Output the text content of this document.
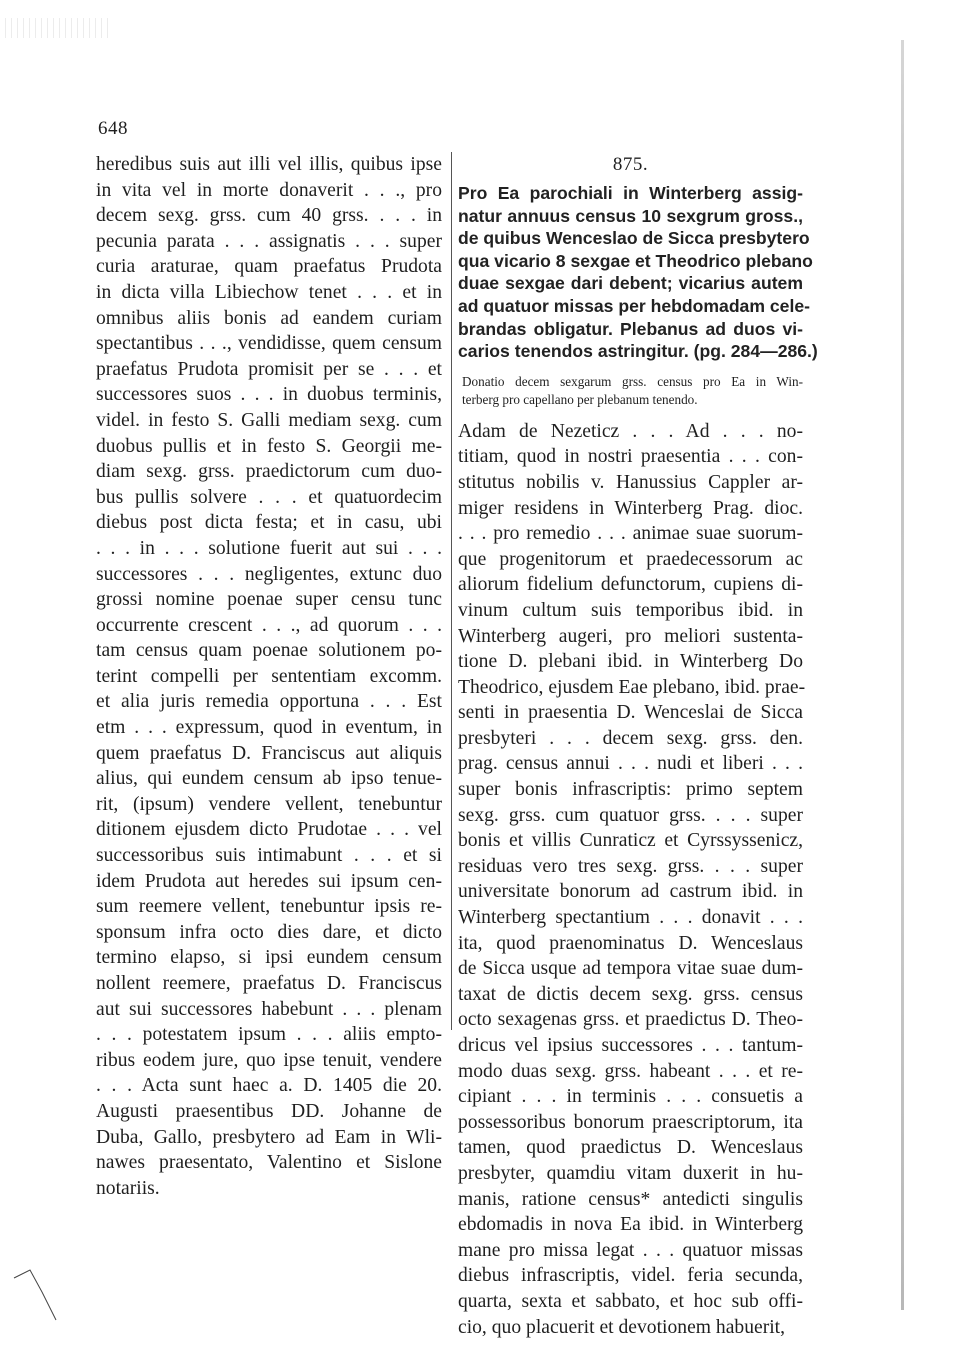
648
heredibus suis aut illi vel illis, quibus ipse
in vita vel in morte donaverit . . ., pro
decem sexg. grss. cum 40 grss. . . . in
pecunia parata . . . assignatis . . . super
curia araturae, quam praefatus Prudota
in dicta villa Libiechow tenet . . . et in
omnibus aliis bonis ad eandem curiam
spectantibus . . ., vendidisse, quem censum
praefatus Prudota promisit per se . . . et
successores suos . . . in duobus terminis,
videl. in festo S. Galli mediam sexg. cum
duobus pullis et in festo S. Georgii me-
diam sexg. grss. praedictorum cum duo-
bus pullis solvere . . . et quatuordecim
diebus post dicta festa; et in casu, ubi
. . . in . . . solutione fuerit aut sui . . .
successores . . . negligentes, extunc duo
grossi nomine poenae super censu tunc
occurrente crescent . . ., ad quorum . . .
tam census quam poenae solutionem po-
terint compelli per sententiam excomm.
et alia juris remedia opportuna . . . Est
etm . . . expressum, quod in eventum, in
quem praefatus D. Franciscus aut aliquis
alius, qui eundem censum ab ipso tenue-
rit, (ipsum) vendere vellent, tenebuntur
ditionem ejusdem dicto Prudotae . . . vel
successoribus suis intimabunt . . . et si
idem Prudota aut heredes sui ipsum cen-
sum reemere vellent, tenebuntur ipsis re-
sponsum infra octo dies dare, et dicto
termino elapso, si ipsi eundem censum
nollent reemere, praefatus D. Franciscus
aut sui successores habebunt . . . plenam
. . . potestatem ipsum . . . aliis empto-
ribus eodem jure, quo ipse tenuit, vendere
. . . Acta sunt haec a. D. 1405 die 20.
Augusti praesentibus DD. Johanne de
Duba, Gallo, presbytero ad Eam in Wli-
nawes praesentato, Valentino et Sislone
notariis.
875.
Pro Ea parochiali in Winterberg assig-
natur annuus census 10 sexgrum gross.,
de quibus Wenceslao de Sicca presbytero
qua vicario 8 sexgae et Theodrico plebano
duae sexgae dari debent; vicarius autem
ad quatuor missas per hebdomadam cele-
brandas obligatur. Plebanus ad duos vi-
carios tenendos astringitur. (pg. 284—286.)
Donatio decem sexgarum grss. census pro Ea in Win-
terberg pro capellano per plebanum tenendo.
Adam de Nezeticz . . . Ad . . . no-
titiam, quod in nostri praesentia . . . con-
stitutus nobilis v. Hanussius Cappler ar-
miger residens in Winterberg Prag. dioc.
. . . pro remedio . . . animae suae suorum-
que progenitorum et praedecessorum ac
aliorum fidelium defunctorum, cupiens di-
vinum cultum suis temporibus ibid. in
Winterberg augeri, pro meliori sustenta-
tione D. plebani ibid. in Winterberg Do
Theodrico, ejusdem Eae plebano, ibid. prae-
senti in praesentia D. Wenceslai de Sicca
presbyteri . . . decem sexg. grss. den.
prag. census annui . . . nudi et liberi . . .
super bonis infrascriptis: primo septem
sexg. grss. cum quatuor grss. . . . super
bonis et villis Cunraticz et Cyrssyssenicz,
residuas vero tres sexg. grss. . . . super
universitate bonorum ad castrum ibid. in
Winterberg spectantium . . . donavit . . .
ita, quod praenominatus D. Wenceslaus
de Sicca usque ad tempora vitae suae dum-
taxat de dictis decem sexg. grss. census
octo sexagenas grss. et praedictus D. Theo-
dricus vel ipsius successores . . . tantum-
modo duas sexg. grss. habeant . . . et re-
cipiant . . . in terminis . . . consuetis a
possessoribus bonorum praescriptorum, ita
tamen, quod praedictus D. Wenceslaus
presbyter, quamdiu vitam duxerit in hu-
manis, ratione census* antedicti singulis
ebdomadis in nova Ea ibid. in Winterberg
mane pro missa legat . . . quatuor missas
diebus infrascriptis, videl. feria secunda,
quarta, sexta et sabbato, et hoc sub offi-
cio, quo placuerit et devotionem habuerit,
